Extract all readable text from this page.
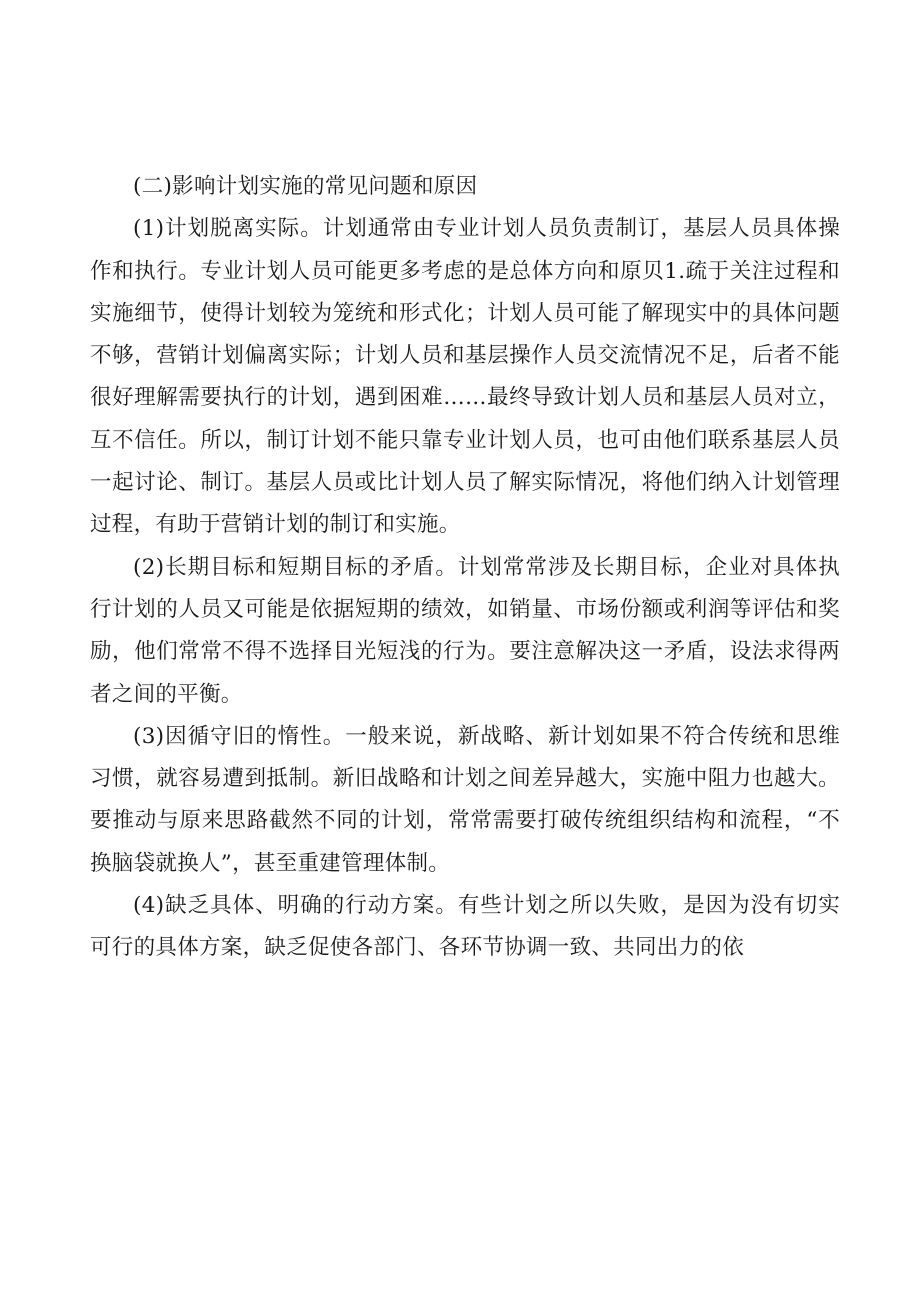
(二)影响计划实施的常见问题和原因

(1)计划脱离实际。计划通常由专业计划人员负责制订，基层人员具体操作和执行。专业计划人员可能更多考虑的是总体方向和原贝1.疏于关注过程和实施细节，使得计划较为笼统和形式化；计划人员可能了解现实中的具体问题不够，营销计划偏离实际；计划人员和基层操作人员交流情况不足，后者不能很好理解需要执行的计划，遇到困难……最终导致计划人员和基层人员对立，互不信任。所以，制订计划不能只靠专业计划人员，也可由他们联系基层人员一起讨论、制订。基层人员或比计划人员了解实际情况，将他们纳入计划管理过程，有助于营销计划的制订和实施。

(2)长期目标和短期目标的矛盾。计划常常涉及长期目标，企业对具体执行计划的人员又可能是依据短期的绩效，如销量、市场份额或利润等评估和奖励，他们常常不得不选择目光短浅的行为。要注意解决这一矛盾，设法求得两者之间的平衡。

(3)因循守旧的惰性。一般来说，新战略、新计划如果不符合传统和思维习惯，就容易遭到抵制。新旧战略和计划之间差异越大，实施中阻力也越大。要推动与原来思路截然不同的计划，常常需要打破传统组织结构和流程，“不换脑袋就换人”，甚至重建管理体制。

(4)缺乏具体、明确的行动方案。有些计划之所以失败，是因为没有切实可行的具体方案，缺乏促使各部门、各环节协调一致、共同出力的依
